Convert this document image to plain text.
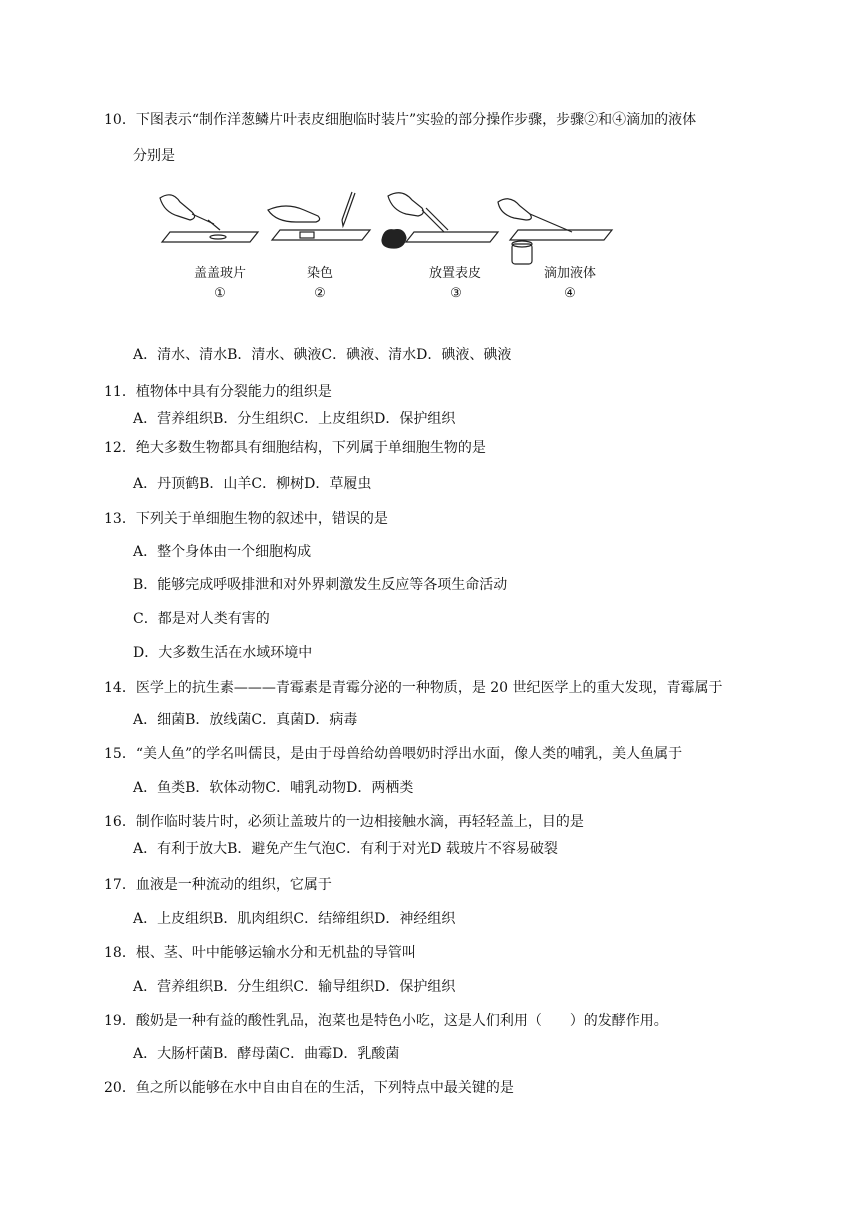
10．下图表示“制作洋葱鳞片叶表皮细胞临时装片”实验的部分操作步骤，步骤②和④滴加的液体
分别是
盖盖玻片	染色	放置表皮	滴加液体
①	②	③	④
A．清水、清水B．清水、碘液C．碘液、清水D．碘液、碘液
11．植物体中具有分裂能力的组织是
A．营养组织B．分生组织C．上皮组织D．保护组织
12．绝大多数生物都具有细胞结构，下列属于单细胞生物的是
A．丹顶鹤B．山羊C．柳树D．草履虫
13．下列关于单细胞生物的叙述中，错误的是
A．整个身体由一个细胞构成
B．能够完成呼吸排泄和对外界刺激发生反应等各项生命活动
C．都是对人类有害的
D．大多数生活在水域环境中
14．医学上的抗生素———青霉素是青霉分泌的一种物质，是 20 世纪医学上的重大发现，青霉属于
A．细菌B．放线菌C．真菌D．病毒
15．“美人鱼”的学名叫儒艮，是由于母兽给幼兽喂奶时浮出水面，像人类的哺乳，美人鱼属于
A．鱼类B．软体动物C．哺乳动物D．两栖类
16．制作临时装片时，必须让盖玻片的一边相接触水滴，再轻轻盖上，目的是
A．有利于放大B．避免产生气泡C．有利于对光D 载玻片不容易破裂
17．血液是一种流动的组织，它属于
A．上皮组织B．肌肉组织C．结缔组织D．神经组织
18．根、茎、叶中能够运输水分和无机盐的导管叫
A．营养组织B．分生组织C．输导组织D．保护组织
19．酸奶是一种有益的酸性乳品，泡菜也是特色小吃，这是人们利用（　　）的发酵作用。
A．大肠杆菌B．酵母菌C．曲霉D．乳酸菌
20．鱼之所以能够在水中自由自在的生活，下列特点中最关键的是
